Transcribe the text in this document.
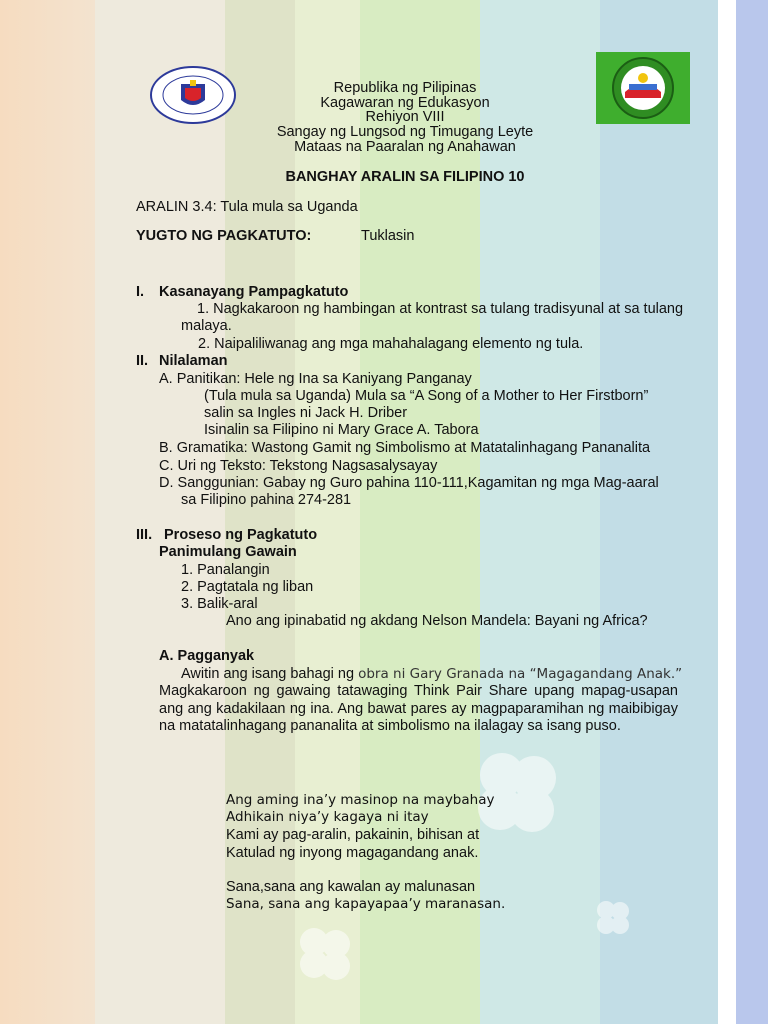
Republika ng Pilipinas
Kagawaran ng Edukasyon
Rehiyon VIII
Sangay ng Lungsod ng Timugang Leyte
Mataas na Paaralan ng Anahawan
BANGHAY ARALIN SA FILIPINO 10
ARALIN 3.4: Tula mula sa Uganda
YUGTO NG PAGKATUTO:	Tuklasin
I. Kasanayang Pampagkatuto
1. Nagkakaroon ng hambingan at kontrast sa tulang tradisyunal at sa tulang
malaya.
2. Naipaliliwanag ang mga mahahalagang elemento ng tula.
II. Nilalaman
A. Panitikan: Hele ng Ina sa Kaniyang Panganay
(Tula mula sa Uganda) Mula sa “A Song of a Mother to Her Firstborn”
salin sa Ingles ni Jack H. Driber
Isinalin sa Filipino ni Mary Grace A. Tabora
B. Gramatika: Wastong Gamit ng Simbolismo at Matatalinhagang Pananalita
C. Uri ng Teksto: Tekstong Nagsasalysayay
D. Sanggunian: Gabay ng Guro pahina 110-111,Kagamitan ng mga Mag-aaral
sa Filipino pahina 274-281
III. Proseso ng Pagkatuto
Panimulang Gawain
1. Panalangin
2. Pagtatala ng liban
3. Balik-aral
Ano ang ipinabatid ng akdang Nelson Mandela: Bayani ng Africa?
A. Pagganyak
Awitin ang isang bahagi ng obra ni Gary Granada na “Magagandang Anak.”
Magkakaroon ng gawaing tatawaging Think Pair Share upang mapag-usapan ang ang kadakilaan ng ina. Ang bawat pares ay magpaparamihan ng maibibigay na matatalinhagang pananalita at simbolismo na ilalagay sa isang puso.
Ang aming ina’y masinop na maybahay
Adhikain niya’y kagaya ni itay
Kami ay pag-aralin, pakainin, bihisan at
Katulad ng inyong magagandang anak.
Sana,sana ang kawalan ay malunasan
Sana, sana ang kapayapaa’y maranasan.
